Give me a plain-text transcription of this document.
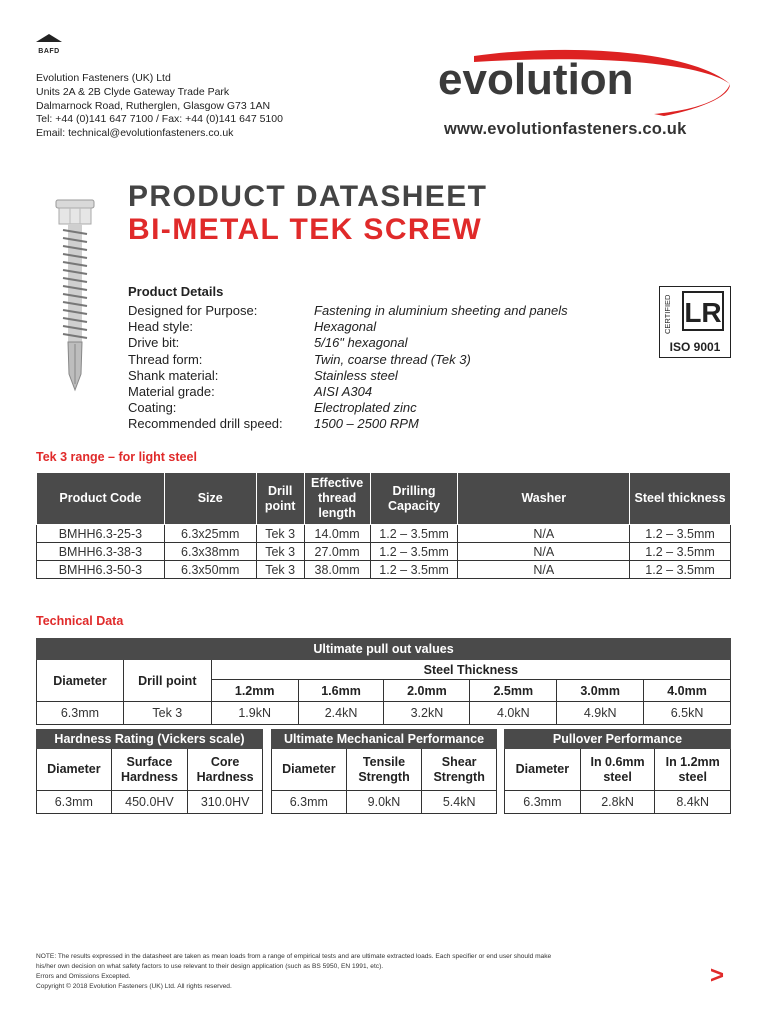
BAFD
Evolution Fasteners (UK) Ltd
Units 2A & 2B Clyde Gateway Trade Park
Dalmarnock Road, Rutherglen, Glasgow G73 1AN
Tel: +44 (0)141 647 7100 / Fax: +44 (0)141 647 5100
Email: technical@evolutionfasteners.co.uk
evolution
www.evolutionfasteners.co.uk
PRODUCT DATASHEET
BI-METAL TEK SCREW
Product Details
Designed for Purpose:	Fastening in aluminium sheeting and panels
Head style:	Hexagonal
Drive bit:	5/16" hexagonal
Thread form:	Twin, coarse thread (Tek 3)
Shank material:	Stainless steel
Material grade:	AISI A304
Coating:	Electroplated zinc
Recommended drill speed:	1500 – 2500 RPM
CERTIFIED LR
ISO 9001
Tek 3 range – for light steel
Product Code	Size	Drill point	Effective thread length	Drilling Capacity	Washer	Steel thickness
BMHH6.3-25-3	6.3x25mm	Tek 3	14.0mm	1.2 – 3.5mm	N/A	1.2 – 3.5mm
BMHH6.3-38-3	6.3x38mm	Tek 3	27.0mm	1.2 – 3.5mm	N/A	1.2 – 3.5mm
BMHH6.3-50-3	6.3x50mm	Tek 3	38.0mm	1.2 – 3.5mm	N/A	1.2 – 3.5mm
Technical Data
Ultimate pull out values							
Diameter	Drill point	Steel Thickness					
		1.2mm	1.6mm	2.0mm	2.5mm	3.0mm	4.0mm
6.3mm	Tek 3	1.9kN	2.4kN	3.2kN	4.0kN	4.9kN	6.5kN
Hardness Rating (Vickers scale)		
Diameter	Surface Hardness	Core Hardness
6.3mm	450.0HV	310.0HV
Ultimate Mechanical Performance		
Diameter	Tensile Strength	Shear Strength
6.3mm	9.0kN	5.4kN
Pullover Performance		
Diameter	In 0.6mm steel	In 1.2mm steel
6.3mm	2.8kN	8.4kN
NOTE: The results expressed in the datasheet are taken as mean loads from a range of empirical tests and are ultimate extracted loads. Each specifier or end user should make
his/her own decision on what safety factors to use relevant to their design application (such as BS 5950, EN 1991, etc).
Errors and Omissions Excepted.
Copyright © 2018 Evolution Fasteners (UK) Ltd. All rights reserved.	>
